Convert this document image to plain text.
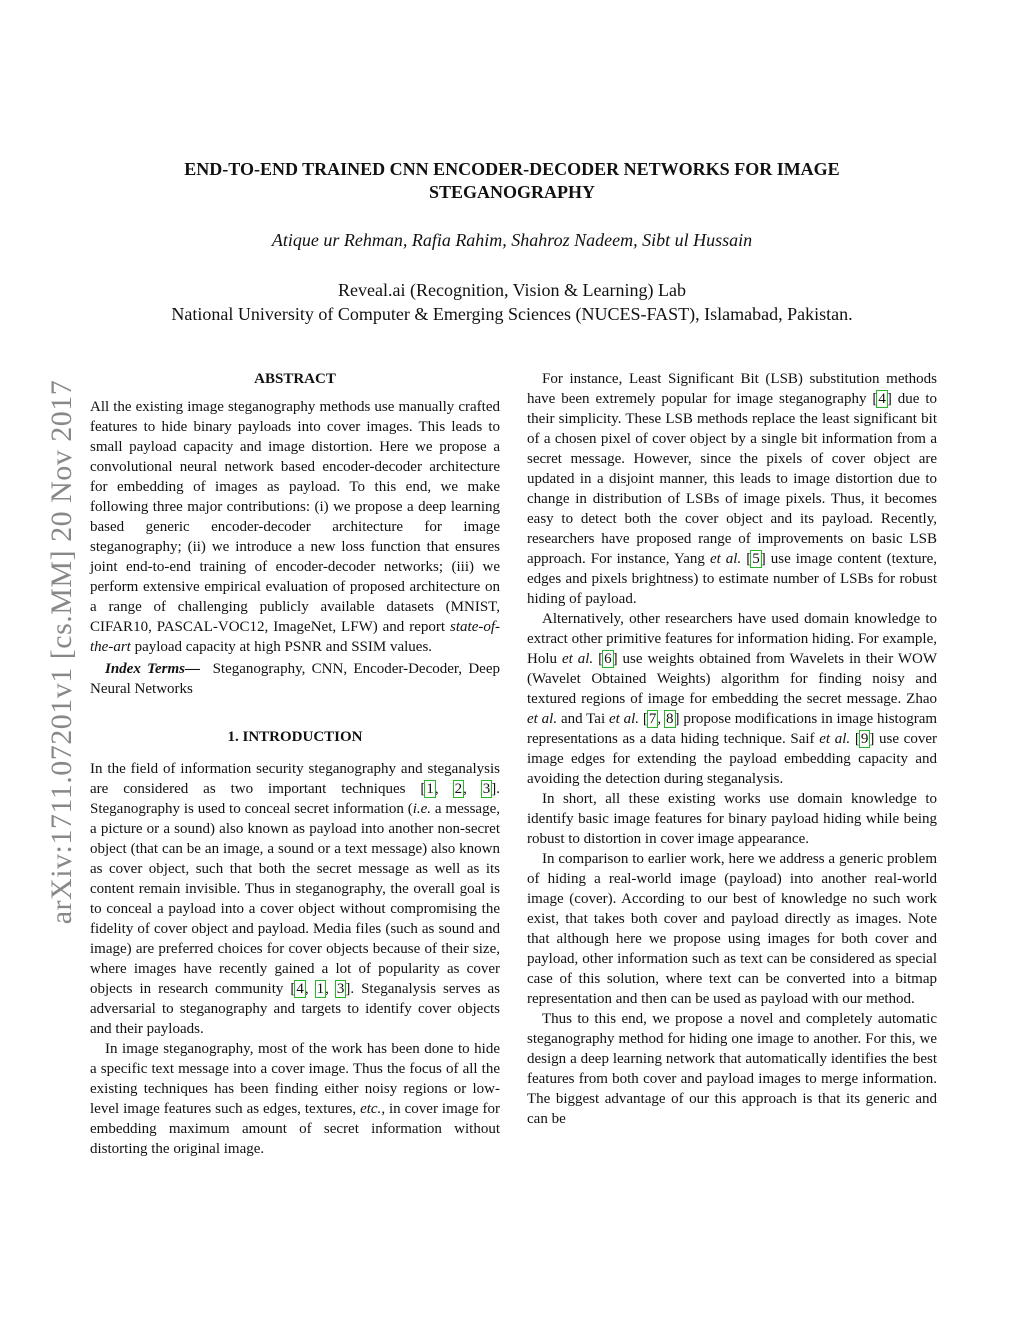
arXiv:1711.07201v1 [cs.MM] 20 Nov 2017
END-TO-END TRAINED CNN ENCODER-DECODER NETWORKS FOR IMAGE STEGANOGRAPHY
Atique ur Rehman, Rafia Rahim, Shahroz Nadeem, Sibt ul Hussain
Reveal.ai (Recognition, Vision & Learning) Lab
National University of Computer & Emerging Sciences (NUCES-FAST), Islamabad, Pakistan.
ABSTRACT

All the existing image steganography methods use manually crafted features to hide binary payloads into cover images. This leads to small payload capacity and image distortion. Here we propose a convolutional neural network based encoder-decoder architecture for embedding of images as payload. To this end, we make following three major contributions: (i) we propose a deep learning based generic encoder-decoder architecture for image steganography; (ii) we introduce a new loss function that ensures joint end-to-end training of encoder-decoder networks; (iii) we perform extensive empirical evaluation of proposed architecture on a range of challenging publicly available datasets (MNIST, CIFAR10, PASCAL-VOC12, ImageNet, LFW) and report state-of-the-art payload capacity at high PSNR and SSIM values.

Index Terms— Steganography, CNN, Encoder-Decoder, Deep Neural Networks

1. INTRODUCTION

In the field of information security steganography and steganalysis are considered as two important techniques [1, 2, 3]. Steganography is used to conceal secret information (i.e. a message, a picture or a sound) also known as payload into another non-secret object (that can be an image, a sound or a text message) also known as cover object, such that both the secret message as well as its content remain invisible. Thus in steganography, the overall goal is to conceal a payload into a cover object without compromising the fidelity of cover object and payload. Media files (such as sound and image) are preferred choices for cover objects because of their size, where images have recently gained a lot of popularity as cover objects in research community [4, 1, 3]. Steganalysis serves as adversarial to steganography and targets to identify cover objects and their payloads.

In image steganography, most of the work has been done to hide a specific text message into a cover image. Thus the focus of all the existing techniques has been finding either noisy regions or low-level image features such as edges, textures, etc., in cover image for embedding maximum amount of secret information without distorting the original image.

For instance, Least Significant Bit (LSB) substitution methods have been extremely popular for image steganography [4] due to their simplicity. These LSB methods replace the least significant bit of a chosen pixel of cover object by a single bit information from a secret message. However, since the pixels of cover object are updated in a disjoint manner, this leads to image distortion due to change in distribution of LSBs of image pixels. Thus, it becomes easy to detect both the cover object and its payload. Recently, researchers have proposed range of improvements on basic LSB approach. For instance, Yang et al. [5] use image content (texture, edges and pixels brightness) to estimate number of LSBs for robust hiding of payload.

Alternatively, other researchers have used domain knowledge to extract other primitive features for information hiding. For example, Holu et al. [6] use weights obtained from Wavelets in their WOW (Wavelet Obtained Weights) algorithm for finding noisy and textured regions of image for embedding the secret message. Zhao et al. and Tai et al. [7, 8] propose modifications in image histogram representations as a data hiding technique. Saif et al. [9] use cover image edges for extending the payload embedding capacity and avoiding the detection during steganalysis.

In short, all these existing works use domain knowledge to identify basic image features for binary payload hiding while being robust to distortion in cover image appearance.

In comparison to earlier work, here we address a generic problem of hiding a real-world image (payload) into another real-world image (cover). According to our best of knowledge no such work exist, that takes both cover and payload directly as images. Note that although here we propose using images for both cover and payload, other information such as text can be considered as special case of this solution, where text can be converted into a bitmap representation and then can be used as payload with our method.

Thus to this end, we propose a novel and completely automatic steganography method for hiding one image to another. For this, we design a deep learning network that automatically identifies the best features from both cover and payload images to merge information. The biggest advantage of our this approach is that its generic and can be
